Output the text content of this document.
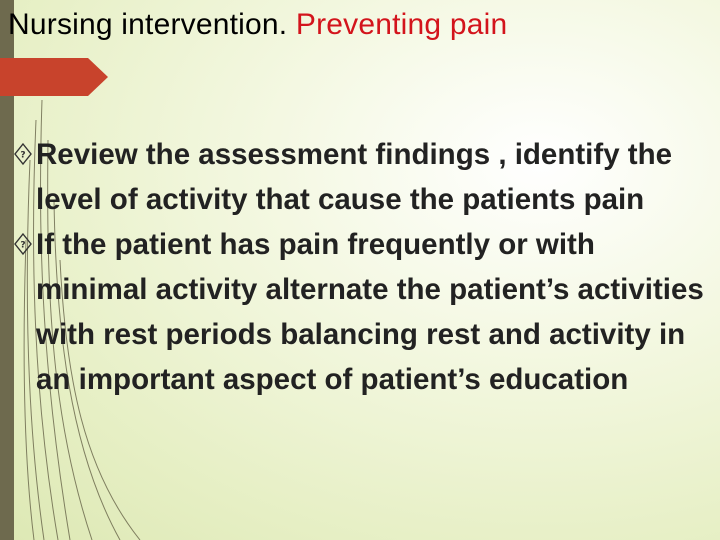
Nursing intervention. Preventing pain
? Review the assessment findings , identify the level of activity that cause the patients pain
? If the patient has pain frequently or with minimal activity alternate the patient’s activities with rest periods balancing rest and activity in an important aspect of patient’s education
